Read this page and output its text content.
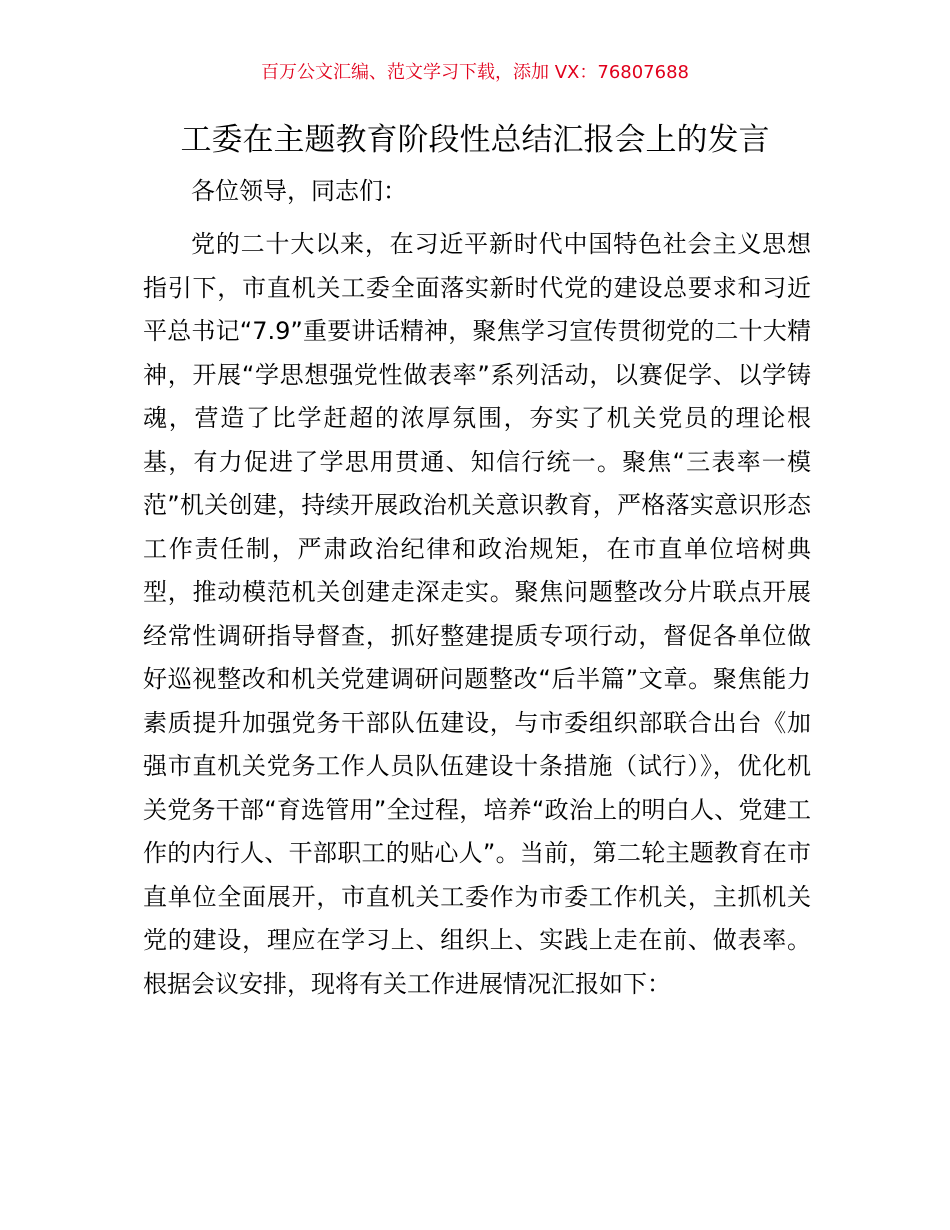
百万公文汇编、范文学习下载，添加 VX：76807688
工委在主题教育阶段性总结汇报会上的发言

各位领导，同志们：

党的二十大以来，在习近平新时代中国特色社会主义思想指引下，市直机关工委全面落实新时代党的建设总要求和习近平总书记“7.9”重要讲话精神，聚焦学习宣传贯彻党的二十大精神，开展“学思想强党性做表率”系列活动，以赛促学、以学铸魂，营造了比学赶超的浓厚氛围，夯实了机关党员的理论根基，有力促进了学思用贯通、知信行统一。聚焦“三表率一模范”机关创建，持续开展政治机关意识教育，严格落实意识形态工作责任制，严肃政治纪律和政治规矩，在市直单位培树典型，推动模范机关创建走深走实。聚焦问题整改分片联点开展经常性调研指导督查，抓好整建提质专项行动，督促各单位做好巡视整改和机关党建调研问题整改“后半篇”文章。聚焦能力素质提升加强党务干部队伍建设，与市委组织部联合出台《加强市直机关党务工作人员队伍建设十条措施（试行）》，优化机关党务干部“育选管用”全过程，培养“政治上的明白人、党建工作的内行人、干部职工的贴心人”。当前，第二轮主题教育在市直单位全面展开，市直机关工委作为市委工作机关，主抓机关党的建设，理应在学习上、组织上、实践上走在前、做表率。根据会议安排，现将有关工作进展情况汇报如下：
